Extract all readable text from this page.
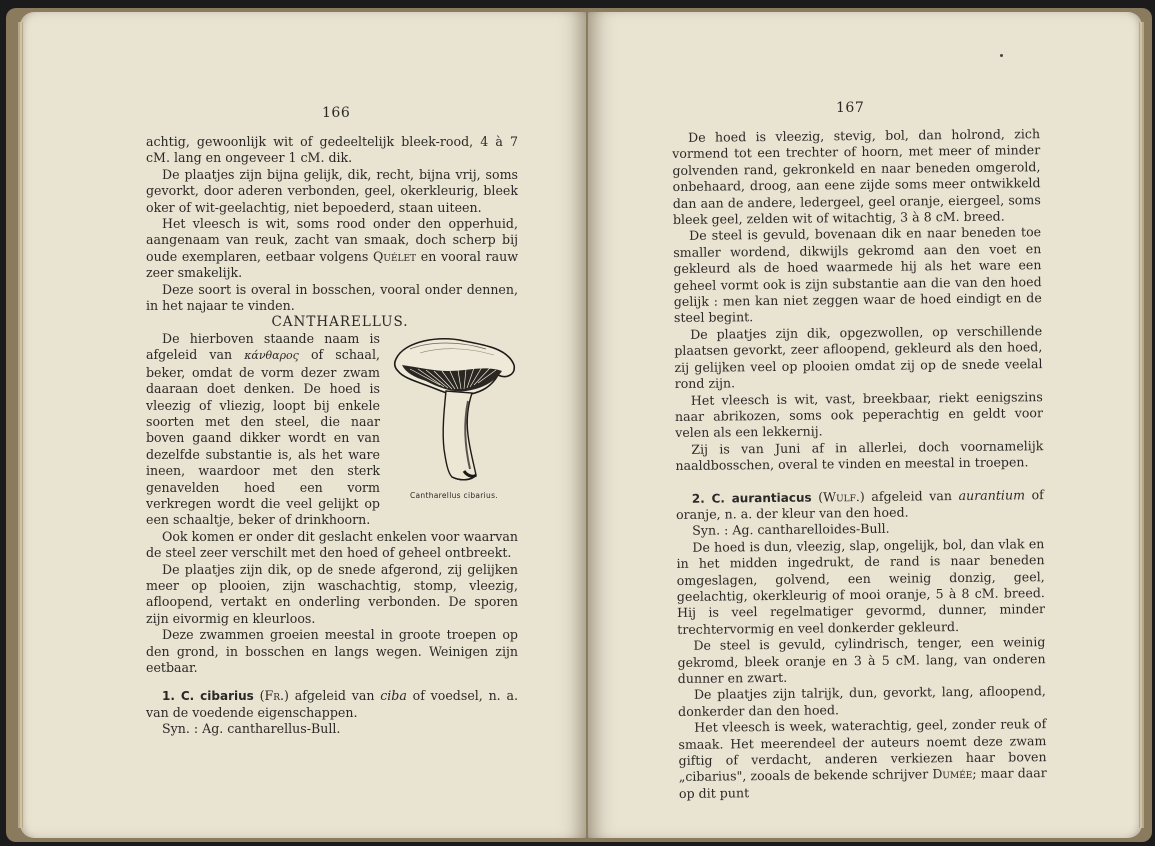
166

achtig, gewoonlijk wit of gedeeltelijk bleek-rood, 4 à 7 cM. lang en ongeveer 1 cM. dik.

De plaatjes zijn bijna gelijk, dik, recht, bijna vrij, soms gevorkt, door aderen verbonden, geel, okerkleurig, bleek oker of wit-geelachtig, niet bepoederd, staan uiteen.

Het vleesch is wit, soms rood onder den opperhuid, aangenaam van reuk, zacht van smaak, doch scherp bij oude exemplaren, eetbaar volgens Quélet en vooral rauw zeer smakelijk.

Deze soort is overal in bosschen, vooral onder dennen, in het najaar te vinden.

CANTHARELLUS.

Cantharellus cibarius.

De hierboven staande naam is afgeleid van κάνθαρος of schaal, beker, omdat de vorm dezer zwam daaraan doet denken. De hoed is vleezig of vliezig, loopt bij enkele soorten met den steel, die naar boven gaand dikker wordt en van dezelfde substantie is, als het ware ineen, waardoor met den sterk genavelden hoed een vorm verkregen wordt die veel gelijkt op een schaaltje, beker of drinkhoorn.

Ook komen er onder dit geslacht enkelen voor waarvan de steel zeer verschilt met den hoed of geheel ontbreekt.

De plaatjes zijn dik, op de snede afgerond, zij gelijken meer op plooien, zijn waschachtig, stomp, vleezig, afloopend, vertakt en onderling verbonden. De sporen zijn eivormig en kleurloos.

Deze zwammen groeien meestal in groote troepen op den grond, in bosschen en langs wegen. Weinigen zijn eetbaar.

1. C. cibarius (Fr.) afgeleid van ciba of voedsel, n. a. van de voedende eigenschappen.

Syn. : Ag. cantharellus-Bull.

167

De hoed is vleezig, stevig, bol, dan holrond, zich vormend tot een trechter of hoorn, met meer of minder golvenden rand, gekronkeld en naar beneden omgerold, onbehaard, droog, aan eene zijde soms meer ontwikkeld dan aan de andere, ledergeel, geel oranje, eiergeel, soms bleek geel, zelden wit of witachtig, 3 à 8 cM. breed.

De steel is gevuld, bovenaan dik en naar beneden toe smaller wordend, dikwijls gekromd aan den voet en gekleurd als de hoed waarmede hij als het ware een geheel vormt ook is zijn substantie aan die van den hoed gelijk : men kan niet zeggen waar de hoed eindigt en de steel begint.

De plaatjes zijn dik, opgezwollen, op verschillende plaatsen gevorkt, zeer afloopend, gekleurd als den hoed, zij gelijken veel op plooien omdat zij op de snede veelal rond zijn.

Het vleesch is wit, vast, breekbaar, riekt eenigszins naar abrikozen, soms ook peperachtig en geldt voor velen als een lekkernij.

Zij is van Juni af in allerlei, doch voornamelijk naaldbosschen, overal te vinden en meestal in troepen.

2. C. aurantiacus (Wulf.) afgeleid van aurantium of oranje, n. a. der kleur van den hoed.

Syn. : Ag. cantharelloides-Bull.

De hoed is dun, vleezig, slap, ongelijk, bol, dan vlak en in het midden ingedrukt, de rand is naar beneden omgeslagen, golvend, een weinig donzig, geel, geelachtig, okerkleurig of mooi oranje, 5 à 8 cM. breed. Hij is veel regelmatiger gevormd, dunner, minder trechtervormig en veel donkerder gekleurd.

De steel is gevuld, cylindrisch, tenger, een weinig gekromd, bleek oranje en 3 à 5 cM. lang, van onderen dunner en zwart.

De plaatjes zijn talrijk, dun, gevorkt, lang, afloopend, donkerder dan den hoed.

Het vleesch is week, waterachtig, geel, zonder reuk of smaak. Het meerendeel der auteurs noemt deze zwam giftig of verdacht, anderen verkiezen haar boven „cibarius", zooals de bekende schrijver Dumée; maar daar op dit punt
